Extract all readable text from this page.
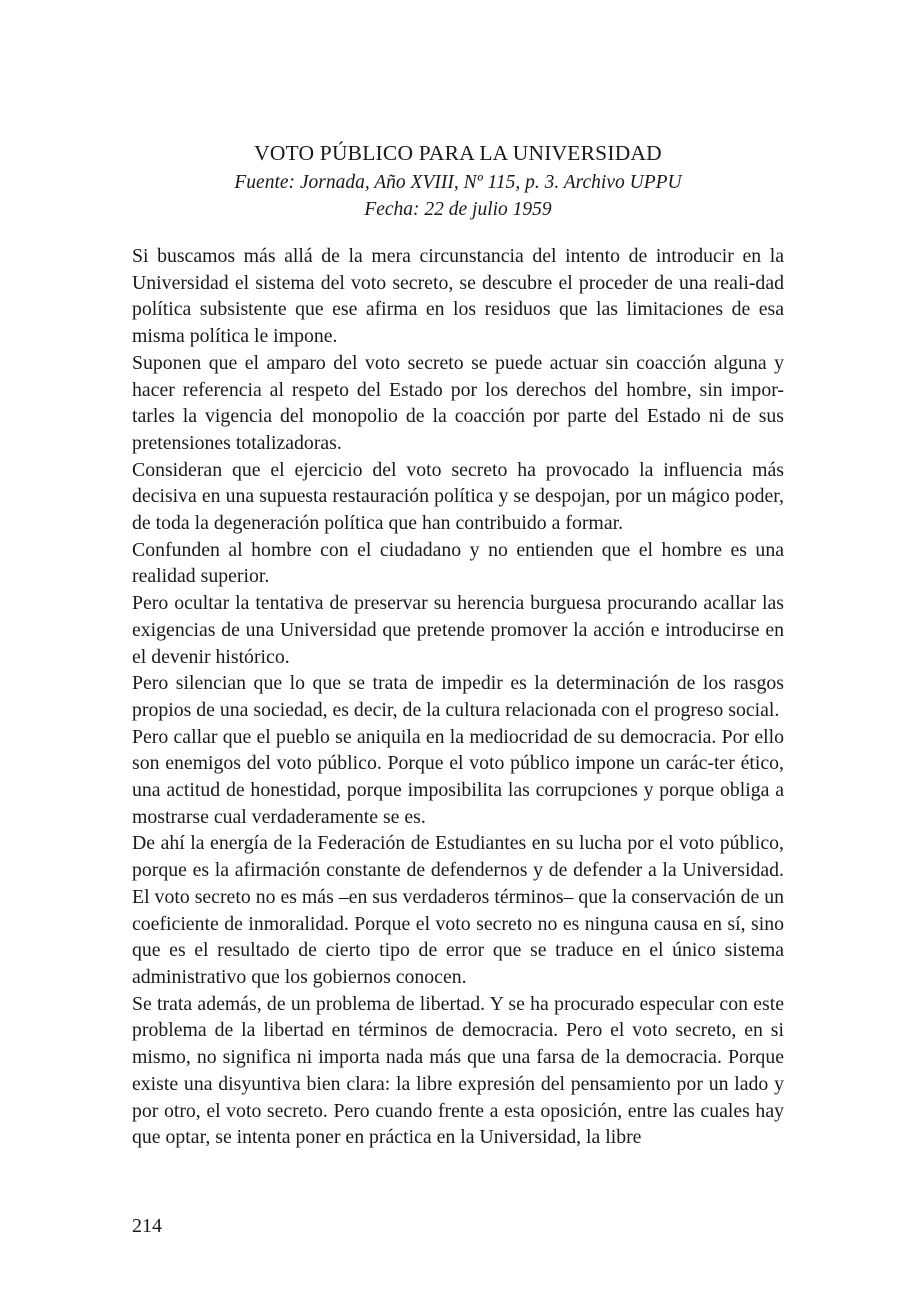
VOTO PÚBLICO PARA LA UNIVERSIDAD
Fuente: Jornada, Año XVIII, Nº 115, p. 3. Archivo UPPU
Fecha: 22 de julio 1959

Si buscamos más allá de la mera circunstancia del intento de introducir en la Universidad el sistema del voto secreto, se descubre el proceder de una reali-dad política subsistente que ese afirma en los residuos que las limitaciones de esa misma política le impone.

Suponen que el amparo del voto secreto se puede actuar sin coacción alguna y hacer referencia al respeto del Estado por los derechos del hombre, sin impor-tarles la vigencia del monopolio de la coacción por parte del Estado ni de sus pretensiones totalizadoras.

Consideran que el ejercicio del voto secreto ha provocado la influencia más decisiva en una supuesta restauración política y se despojan, por un mágico poder, de toda la degeneración política que han contribuido a formar.

Confunden al hombre con el ciudadano y no entienden que el hombre es una realidad superior.

Pero ocultar la tentativa de preservar su herencia burguesa procurando acallar las exigencias de una Universidad que pretende promover la acción e introducirse en el devenir histórico.

Pero silencian que lo que se trata de impedir es la determinación de los rasgos propios de una sociedad, es decir, de la cultura relacionada con el progreso social.

Pero callar que el pueblo se aniquila en la mediocridad de su democracia. Por ello son enemigos del voto público. Porque el voto público impone un carác-ter ético, una actitud de honestidad, porque imposibilita las corrupciones y porque obliga a mostrarse cual verdaderamente se es.

De ahí la energía de la Federación de Estudiantes en su lucha por el voto público, porque es la afirmación constante de defendernos y de defender a la Universidad. El voto secreto no es más –en sus verdaderos términos– que la conservación de un coeficiente de inmoralidad. Porque el voto secreto no es ninguna causa en sí, sino que es el resultado de cierto tipo de error que se traduce en el único sistema administrativo que los gobiernos conocen.

Se trata además, de un problema de libertad. Y se ha procurado especular con este problema de la libertad en términos de democracia. Pero el voto secreto, en si mismo, no significa ni importa nada más que una farsa de la democracia. Porque existe una disyuntiva bien clara: la libre expresión del pensamiento por un lado y por otro, el voto secreto. Pero cuando frente a esta oposición, entre las cuales hay que optar, se intenta poner en práctica en la Universidad, la libre

214
